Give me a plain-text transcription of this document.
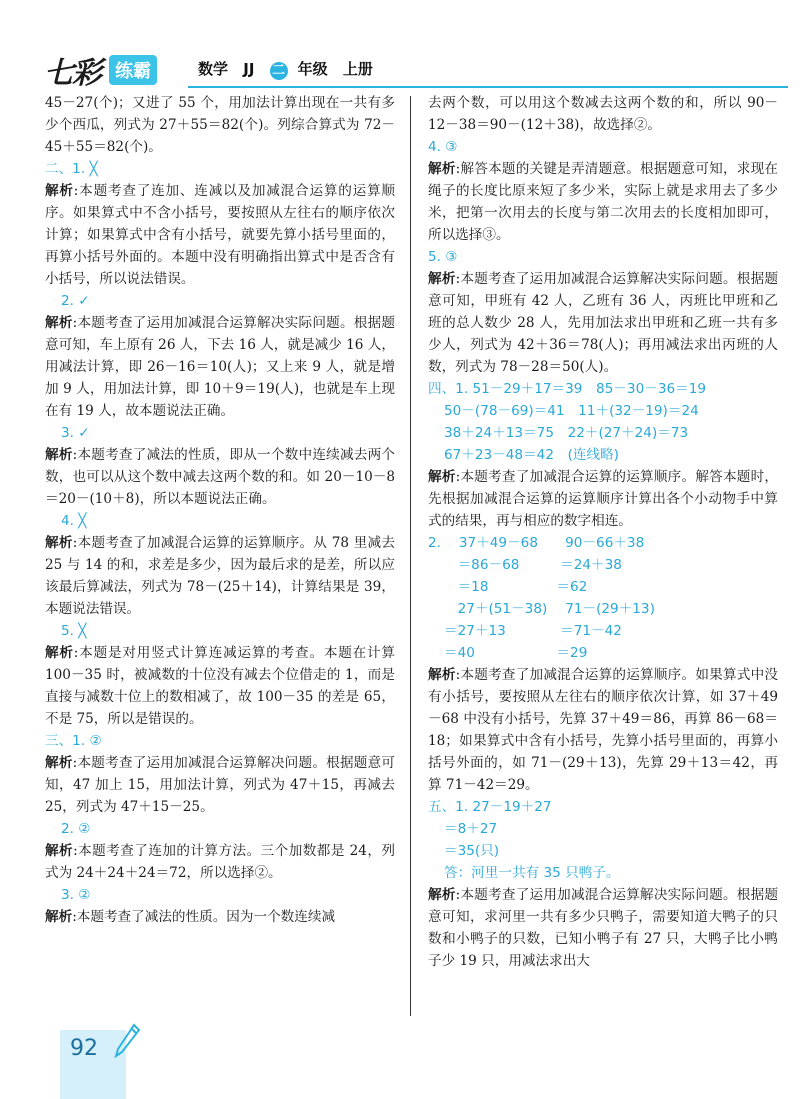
七彩 练霸	数学 JJ 二 年级 上册
45－27(个)；又进了 55 个，用加法计算出现在一共有多少个西瓜，列式为 27＋55＝82(个)。列综合算式为 72－45＋55＝82(个)。
二、1. ╳
解析:本题考查了连加、连减以及加减混合运算的运算顺序。如果算式中不含小括号，要按照从左往右的顺序依次计算；如果算式中含有小括号，就要先算小括号里面的，再算小括号外面的。本题中没有明确指出算式中是否含有小括号，所以说法错误。
2. ✓
解析:本题考查了运用加减混合运算解决实际问题。根据题意可知，车上原有 26 人，下去 16 人，就是减少 16 人，用减法计算，即 26－16＝10(人)；又上来 9 人，就是增加 9 人，用加法计算，即 10＋9＝19(人)，也就是车上现在有 19 人，故本题说法正确。
3. ✓
解析:本题考查了减法的性质，即从一个数中连续减去两个数，也可以从这个数中减去这两个数的和。如 20－10－8＝20－(10＋8)，所以本题说法正确。
4. ╳
解析:本题考查了加减混合运算的运算顺序。从 78 里减去 25 与 14 的和，求差是多少，因为最后求的是差，所以应该最后算减法，列式为 78－(25＋14)，计算结果是 39，本题说法错误。
5. ╳
解析:本题是对用竖式计算连减运算的考查。本题在计算 100－35 时，被减数的十位没有减去个位借走的 1，而是直接与减数十位上的数相减了，故 100－35 的差是 65，不是 75，所以是错误的。
三、1. ②
解析:本题考查了运用加减混合运算解决问题。根据题意可知，47 加上 15，用加法计算，列式为 47＋15，再减去 25，列式为 47＋15－25。
2. ②
解析:本题考查了连加的计算方法。三个加数都是 24，列式为 24＋24＋24＝72，所以选择②。
3. ②
解析:本题考查了减法的性质。因为一个数连续减
去两个数，可以用这个数减去这两个数的和，所以 90－12－38＝90－(12＋38)，故选择②。
4. ③
解析:解答本题的关键是弄清题意。根据题意可知，求现在绳子的长度比原来短了多少米，实际上就是求用去了多少米，把第一次用去的长度与第二次用去的长度相加即可，所以选择③。
5. ③
解析:本题考查了运用加减混合运算解决实际问题。根据题意可知，甲班有 42 人，乙班有 36 人，丙班比甲班和乙班的总人数少 28 人，先用加法求出甲班和乙班一共有多少人，列式为 42＋36＝78(人)；再用减法求出丙班的人数，列式为 78－28＝50(人)。
四、1. 51－29＋17＝39　85－30－36＝19
50－(78－69)＝41　11＋(32－19)＝24
38＋24＋13＝75　22＋(27＋24)＝73
67＋23－48＝42　(连线略)
解析:本题考查了加减混合运算的运算顺序。解答本题时，先根据加减混合运算的运算顺序计算出各个小动物手中算式的结果，再与相应的数字相连。
2.　 37＋49－68　　90－66＋38
　＝86－68　　　＝24＋38
　＝18　　　　　＝62
　27＋(51－38)　 71－(29＋13)
＝27＋13　　　　＝71－42
＝40　　　　　　＝29
解析:本题考查了加减混合运算的运算顺序。如果算式中没有小括号，要按照从左往右的顺序依次计算，如 37＋49－68 中没有小括号，先算 37＋49＝86，再算 86－68＝18；如果算式中含有小括号，先算小括号里面的，再算小括号外面的，如 71－(29＋13)，先算 29＋13＝42，再算 71－42＝29。
五、1. 27－19＋27
＝8＋27
＝35(只)
答：河里一共有 35 只鸭子。
解析:本题考查了运用加减混合运算解决实际问题。根据题意可知，求河里一共有多少只鸭子，需要知道大鸭子的只数和小鸭子的只数，已知小鸭子有 27 只，大鸭子比小鸭子少 19 只，用减法求出大
92
